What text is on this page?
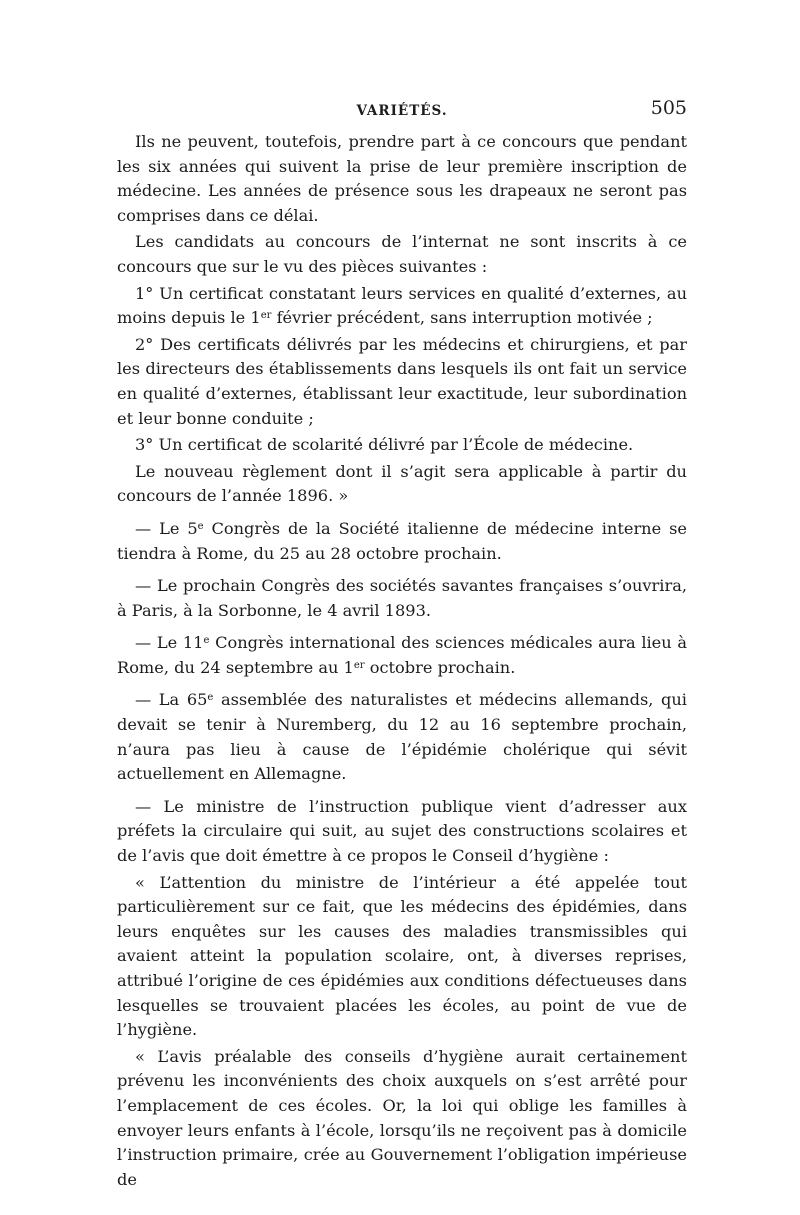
VARIÉTÉS.	505

Ils ne peuvent, toutefois, prendre part à ce concours que pendant les six années qui suivent la prise de leur première inscription de médecine. Les années de présence sous les drapeaux ne seront pas comprises dans ce délai.

Les candidats au concours de l’internat ne sont inscrits à ce concours que sur le vu des pièces suivantes :

1° Un certificat constatant leurs services en qualité d’externes, au moins depuis le 1er février précédent, sans interruption motivée ;

2° Des certificats délivrés par les médecins et chirurgiens, et par les directeurs des établissements dans lesquels ils ont fait un service en qualité d’externes, établissant leur exactitude, leur subordination et leur bonne conduite ;

3° Un certificat de scolarité délivré par l’École de médecine.

Le nouveau règlement dont il s’agit sera applicable à partir du concours de l’année 1896. »

— Le 5e Congrès de la Société italienne de médecine interne se tiendra à Rome, du 25 au 28 octobre prochain.

— Le prochain Congrès des sociétés savantes françaises s’ouvrira, à Paris, à la Sorbonne, le 4 avril 1893.

— Le 11e Congrès international des sciences médicales aura lieu à Rome, du 24 septembre au 1er octobre prochain.

— La 65e assemblée des naturalistes et médecins allemands, qui devait se tenir à Nuremberg, du 12 au 16 septembre prochain, n’aura pas lieu à cause de l’épidémie cholérique qui sévit actuellement en Allemagne.

— Le ministre de l’instruction publique vient d’adresser aux préfets la circulaire qui suit, au sujet des constructions scolaires et de l’avis que doit émettre à ce propos le Conseil d’hygiène :

« L’attention du ministre de l’intérieur a été appelée tout particulièrement sur ce fait, que les médecins des épidémies, dans leurs enquêtes sur les causes des maladies transmissibles qui avaient atteint la population scolaire, ont, à diverses reprises, attribué l’origine de ces épidémies aux conditions défectueuses dans lesquelles se trouvaient placées les écoles, au point de vue de l’hygiène.

« L’avis préalable des conseils d’hygiène aurait certainement prévenu les inconvénients des choix auxquels on s’est arrêté pour l’emplacement de ces écoles. Or, la loi qui oblige les familles à envoyer leurs enfants à l’école, lorsqu’ils ne reçoivent pas à domicile l’instruction primaire, crée au Gouvernement l’obligation impérieuse de
